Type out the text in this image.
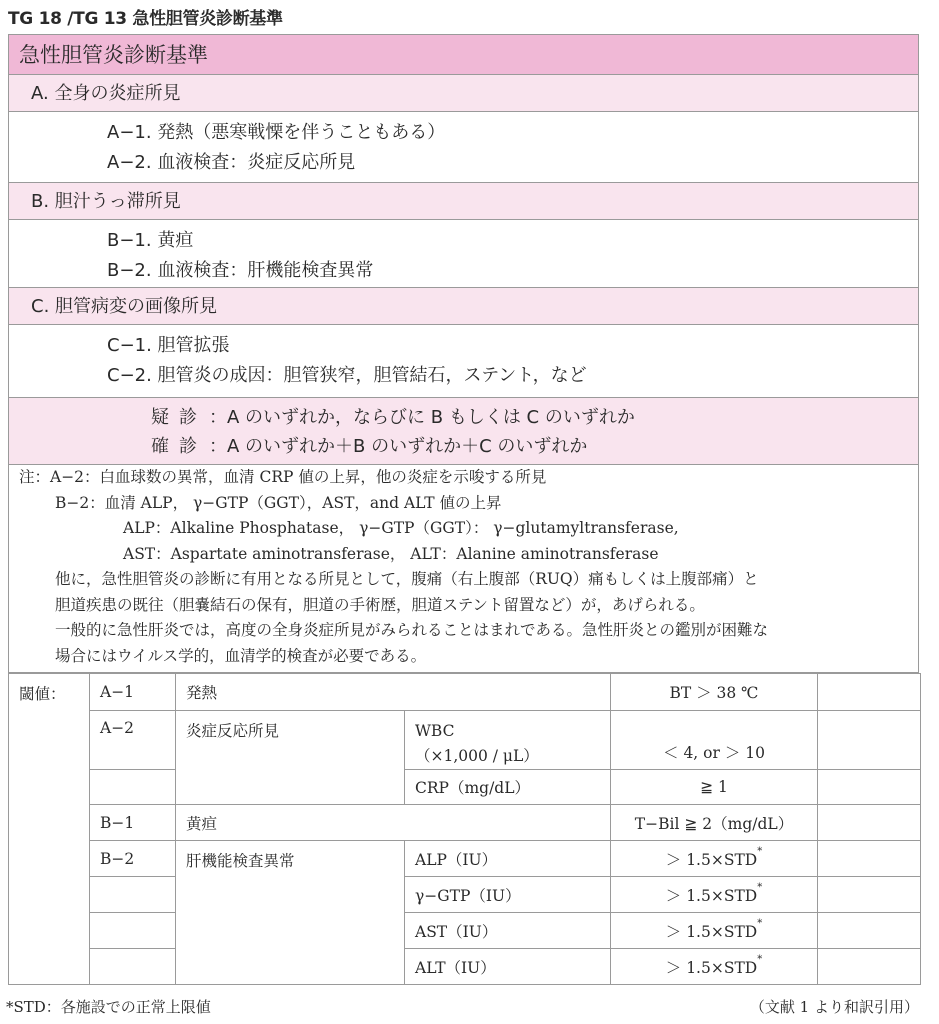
TG 18 /TG 13 急性胆管炎診断基準
急性胆管炎診断基準
A. 全身の炎症所見
A−1. 発熱（悪寒戦慄を伴うこともある）
A−2. 血液検査：炎症反応所見
B. 胆汁うっ滞所見
B−1. 黄疸
B−2. 血液検査：肝機能検査異常
C. 胆管病変の画像所見
C−1. 胆管拡張
C−2. 胆管炎の成因：胆管狭窄，胆管結石，ステント，など
疑診 ：A のいずれか，ならびに B もしくは C のいずれか
確診 ：A のいずれか＋B のいずれか＋C のいずれか
注：A−2：白血球数の異常，血清 CRP 値の上昇，他の炎症を示唆する所見
B−2：血清 ALP， γ−GTP（GGT），AST，and ALT 値の上昇
ALP：Alkaline Phosphatase， γ−GTP（GGT）： γ−glutamyltransferase,
AST：Aspartate aminotransferase， ALT：Alanine aminotransferase
他に，急性胆管炎の診断に有用となる所見として，腹痛（右上腹部（RUQ）痛もしくは上腹部痛）と
胆道疾患の既往（胆嚢結石の保有，胆道の手術歴，胆道ステント留置など）が，あげられる。
一般的に急性肝炎では，高度の全身炎症所見がみられることはまれである。急性肝炎との鑑別が困難な
場合にはウイルス学的，血清学的検査が必要である。
閾値：	A−1	発熱		BT ＞ 38 ℃	
	A−2	炎症反応所見	WBC
（×1,000 / μL）	＜ 4, or ＞ 10	
			CRP（mg/dL）	≧ 1	
	B−1	黄疸		T−Bil ≧ 2（mg/dL）	
	B−2	肝機能検査異常	ALP（IU）	＞ 1.5×STD*	
			γ−GTP（IU）	＞ 1.5×STD*	
			AST（IU）	＞ 1.5×STD*	
			ALT（IU）	＞ 1.5×STD*	
*STD：各施設での正常上限値	（文献 1 より和訳引用）
